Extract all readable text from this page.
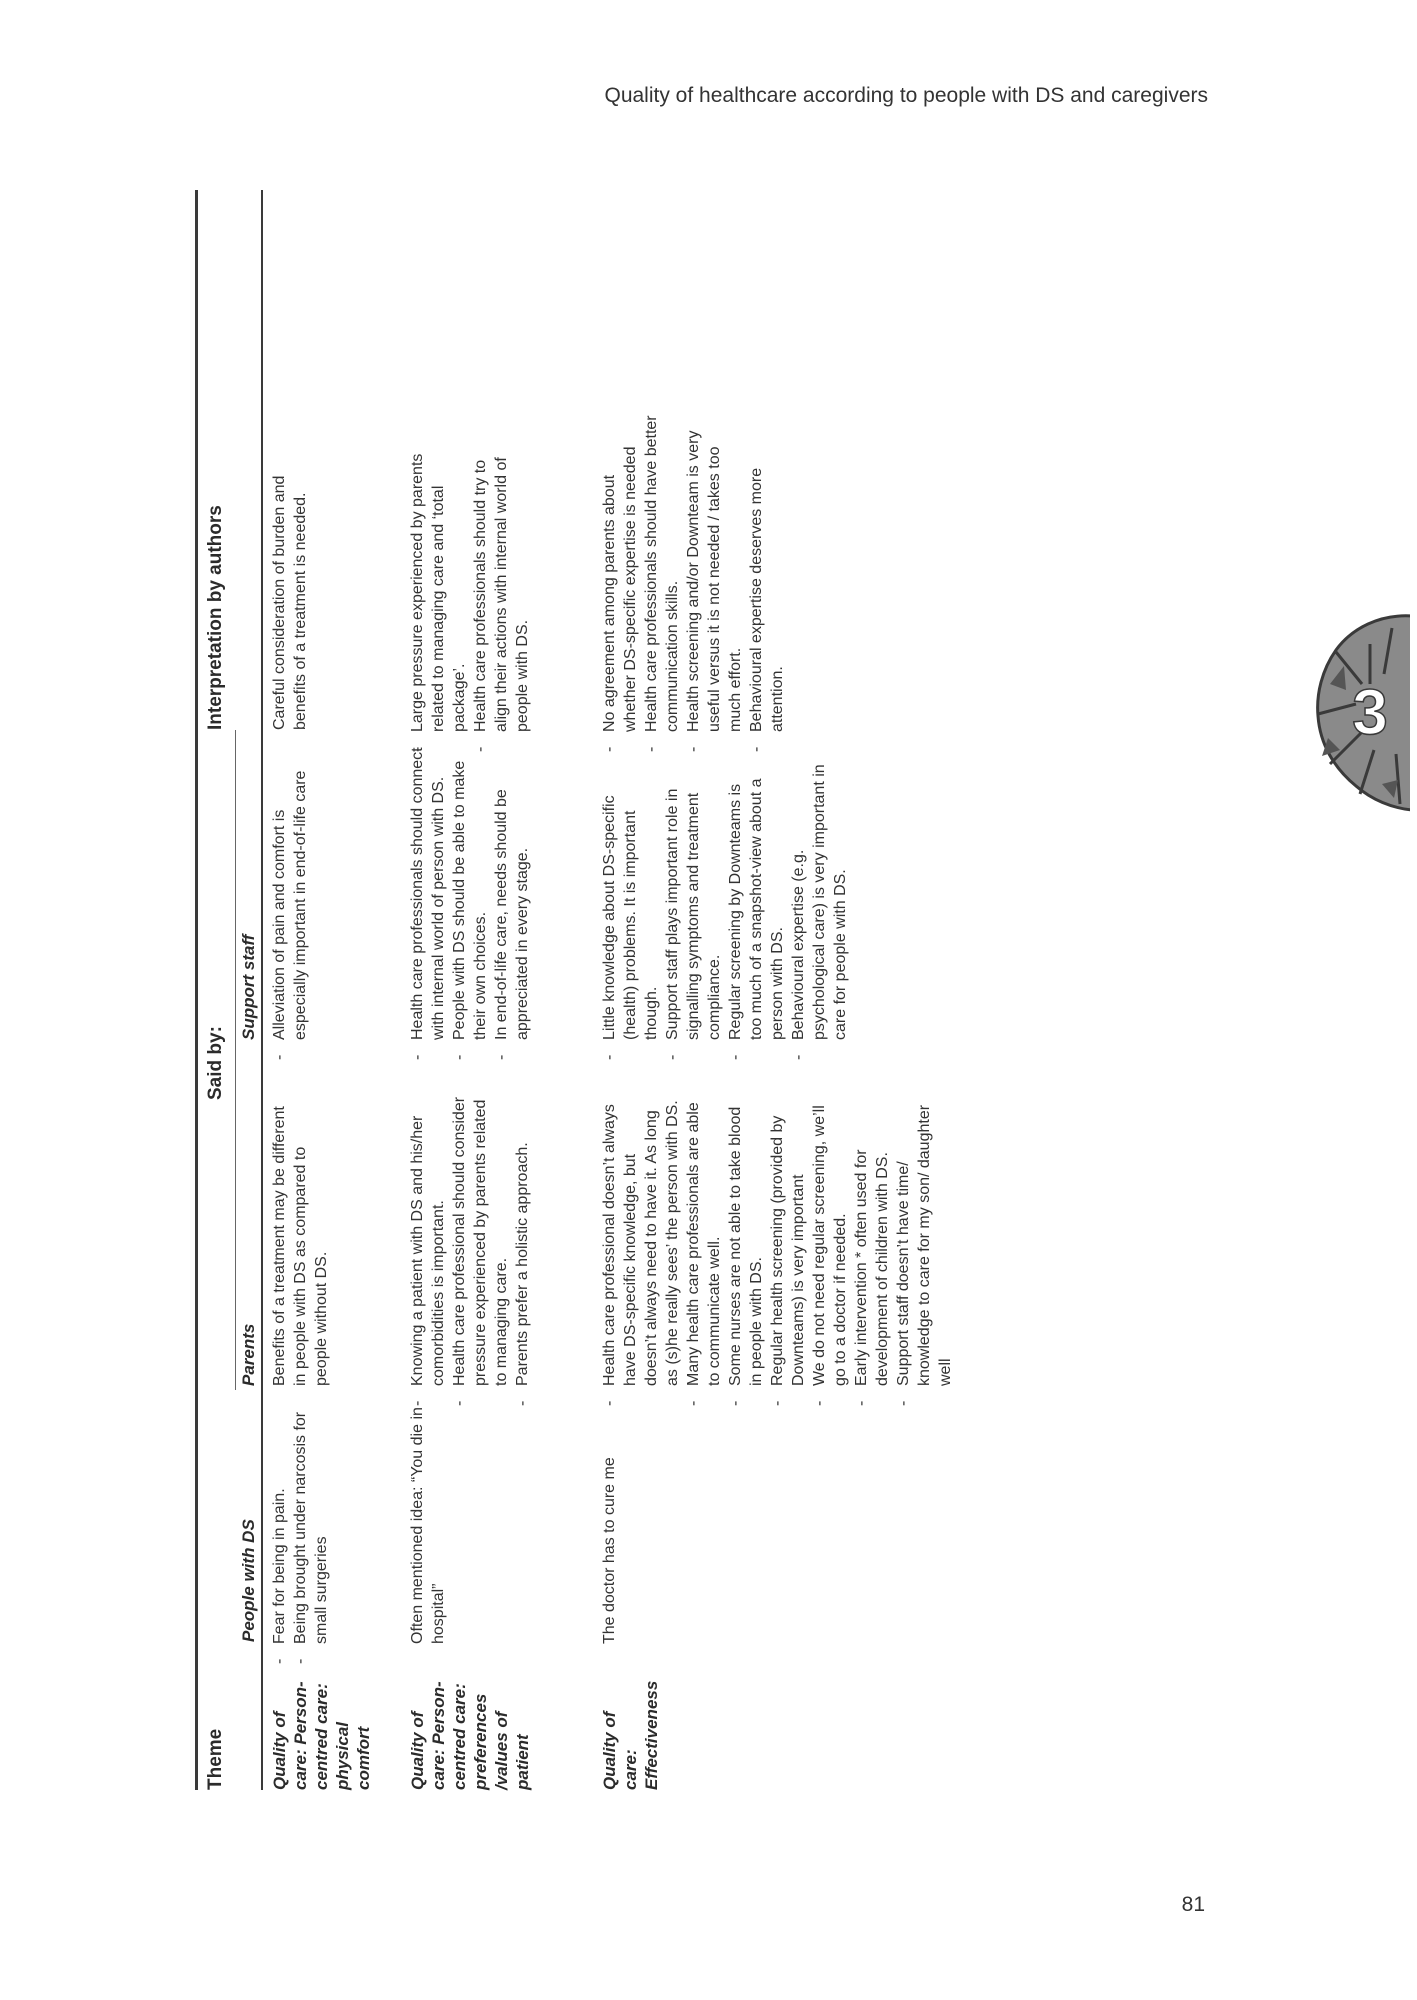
Quality of healthcare according to people with DS and caregivers
3
Theme
Said by:
Interpretation by authors
People with DS
Parents
Support staff
Quality of care: Person-centred care: physical comfort
- Fear for being in pain. - Being brought under narcosis for small surgeries
Benefits of a treatment may be different in people with DS as compared to people without DS.
- Alleviation of pain and comfort is especially important in end-of-life care
Careful consideration of burden and benefits of a treatment is needed.
Quality of care: Person-centred care: preferences /values of patient
Often mentioned idea: “You die in hospital”
- Knowing a patient with DS and his/her comorbidities is important. - Health care professional should consider pressure experienced by parents related to managing care. - Parents prefer a holistic approach.
- Health care professionals should connect with internal world of person with DS. - People with DS should be able to make their own choices. - In end-of-life care, needs should be appreciated in every stage.
- Large pressure experienced by parents related to managing care and ‘total package’. - Health care professionals should try to align their actions with internal world of people with DS.
Quality of care: Effectiveness
The doctor has to cure me
- Health care professional doesn’t always have DS-specific knowledge, but doesn’t always need to have it. As long as (s)he really sees’ the person with DS. - Many health care professionals are able to communicate well. - Some nurses are not able to take blood in people with DS. - Regular health screening (provided by Downteams) is very important - We do not need regular screening, we’ll go to a doctor if needed. - Early intervention * often used for development of children with DS. - Support staff doesn’t have time/ knowledge to care for my son/ daughter well
- Little knowledge about DS-specific (health) problems. It is important though. - Support staff plays important role in signalling symptoms and treatment compliance. - Regular screening by Downteams is too much of a snapshot-view about a person with DS. - Behavioural expertise (e.g. psychological care) is very important in care for people with DS.
- No agreement among parents about whether DS-specific expertise is needed - Health care professionals should have better communication skills. - Health screening and/or Downteam is very useful versus it is not needed / takes too much effort. - Behavioural expertise deserves more attention.
81
